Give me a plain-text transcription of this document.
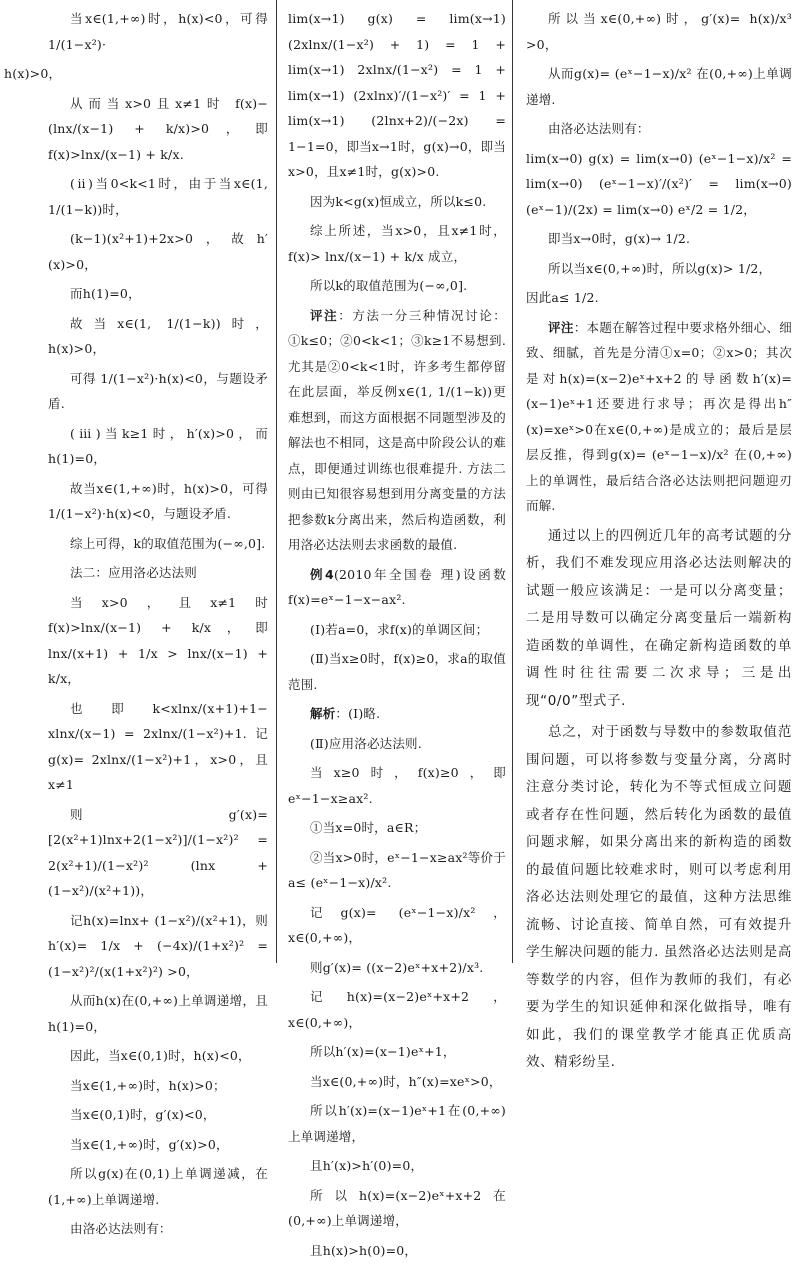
当x∈(1,+∞)时，h(x)<0，可得 1/(1−x²)·
h(x)>0，
从而当x>0且x≠1时 f(x)−(lnx/(x−1) + k/x)>0，即f(x)>lnx/(x−1) + k/x.
(ⅱ)当0<k<1时，由于当x∈(1, 1/(1−k))时，
(k−1)(x²+1)+2x>0，故h′(x)>0，
而h(1)=0，
故当x∈(1, 1/(1−k))时，h(x)>0，
可得 1/(1−x²)·h(x)<0，与题设矛盾.
(ⅲ)当k≥1时，h′(x)>0，而h(1)=0，
故当x∈(1,+∞)时，h(x)>0，可得 1/(1−x²)·h(x)<0，与题设矛盾.
综上可得，k的取值范围为(−∞,0].
法二：应用洛必达法则
当x>0，且x≠1时 f(x)>lnx/(x−1) + k/x，即 lnx/(x+1) + 1/x > lnx/(x−1) + k/x，
也即k<xlnx/(x+1)+1− xlnx/(x−1) = 2xlnx/(1−x²)+1. 记 g(x)= 2xlnx/(1−x²)+1，x>0，且x≠1
则 g′(x)= [2(x²+1)lnx+2(1−x²)]/(1−x²)² = 2(x²+1)/(1−x²)² (lnx + (1−x²)/(x²+1))，
记h(x)=lnx+ (1−x²)/(x²+1)，则h′(x)= 1/x + (−4x)/(1+x²)² = (1−x²)²/(x(1+x²)²) >0，
从而h(x)在(0,+∞)上单调递增，且h(1)=0，
因此，当x∈(0,1)时，h(x)<0，
当x∈(1,+∞)时，h(x)>0；
当x∈(0,1)时，g′(x)<0，
当x∈(1,+∞)时，g′(x)>0，
所以g(x)在(0,1)上单调递减，在(1,+∞)上单调递增.
由洛必达法则有：
lim(x→1) g(x) = lim(x→1) (2xlnx/(1−x²) + 1) = 1 + lim(x→1) 2xlnx/(1−x²) = 1 + lim(x→1) (2xlnx)′/(1−x²)′ = 1 + lim(x→1) (2lnx+2)/(−2x) = 1−1=0，即当x→1时，g(x)→0，即当x>0，且x≠1时，g(x)>0.
因为k<g(x)恒成立，所以k≤0.
综上所述，当x>0，且x≠1时，f(x)> lnx/(x−1) + k/x 成立，
所以k的取值范围为(−∞,0].
评注：方法一分三种情况讨论：①k≤0；②0<k<1；③k≥1不易想到.尤其是②0<k<1时，许多考生都停留在此层面，举反例x∈(1, 1/(1−k))更难想到，而这方面根据不同题型涉及的解法也不相同，这是高中阶段公认的难点，即便通过训练也很难提升. 方法二则由已知很容易想到用分离变量的方法把参数k分离出来，然后构造函数，利用洛必达法则去求函数的最值.
例4(2010年全国卷 理)设函数f(x)=eˣ−1−x−ax².
(Ⅰ)若a=0，求f(x)的单调区间；
(Ⅱ)当x≥0时，f(x)≥0，求a的取值范围.
解析：(Ⅰ)略.
(Ⅱ)应用洛必达法则.
当x≥0时，f(x)≥0，即eˣ−1−x≥ax².
①当x=0时，a∈R；
②当x>0时，eˣ−1−x≥ax²等价于a≤ (eˣ−1−x)/x².
记g(x)= (eˣ−1−x)/x²，x∈(0,+∞)，
则g′(x)= ((x−2)eˣ+x+2)/x³.
记h(x)=(x−2)eˣ+x+2，x∈(0,+∞)，
所以h′(x)=(x−1)eˣ+1，
当x∈(0,+∞)时，h″(x)=xeˣ>0，
所以h′(x)=(x−1)eˣ+1在(0,+∞)上单调递增，
且h′(x)>h′(0)=0，
所以h(x)=(x−2)eˣ+x+2在(0,+∞)上单调递增，
且h(x)>h(0)=0，
所以当x∈(0,+∞)时，g′(x)= h(x)/x³ >0，
从而g(x)= (eˣ−1−x)/x² 在(0,+∞)上单调递增.
由洛必达法则有：
lim(x→0) g(x) = lim(x→0) (eˣ−1−x)/x² = lim(x→0) (eˣ−1−x)′/(x²)′ = lim(x→0) (eˣ−1)/(2x) = lim(x→0) eˣ/2 = 1/2，
即当x→0时，g(x)→ 1/2.
所以当x∈(0,+∞)时，所以g(x)> 1/2，
因此a≤ 1/2.
评注：本题在解答过程中要求格外细心、细致、细腻，首先是分清①x=0；②x>0；其次是对h(x)=(x−2)eˣ+x+2的导函数h′(x)=(x−1)eˣ+1还要进行求导；再次是得出h″(x)=xeˣ>0在x∈(0,+∞)是成立的；最后是层层反推，得到g(x)= (eˣ−1−x)/x² 在(0,+∞)上的单调性，最后结合洛必达法则把问题迎刃而解.
通过以上的四例近几年的高考试题的分析，我们不难发现应用洛必达法则解决的试题一般应该满足：一是可以分离变量；二是用导数可以确定分离变量后一端新构造函数的单调性，在确定新构造函数的单调性时往往需要二次求导；三是出现“0/0”型式子.
总之，对于函数与导数中的参数取值范围问题，可以将参数与变量分离，分离时注意分类讨论，转化为不等式恒成立问题或者存在性问题，然后转化为函数的最值问题求解，如果分离出来的新构造的函数的最值问题比较难求时，则可以考虑利用洛必达法则处理它的最值，这种方法思维流畅、讨论直接、简单自然，可有效提升学生解决问题的能力. 虽然洛必达法则是高等数学的内容，但作为教师的我们，有必要为学生的知识延伸和深化做指导，唯有如此，我们的课堂教学才能真正优质高效、精彩纷呈.
